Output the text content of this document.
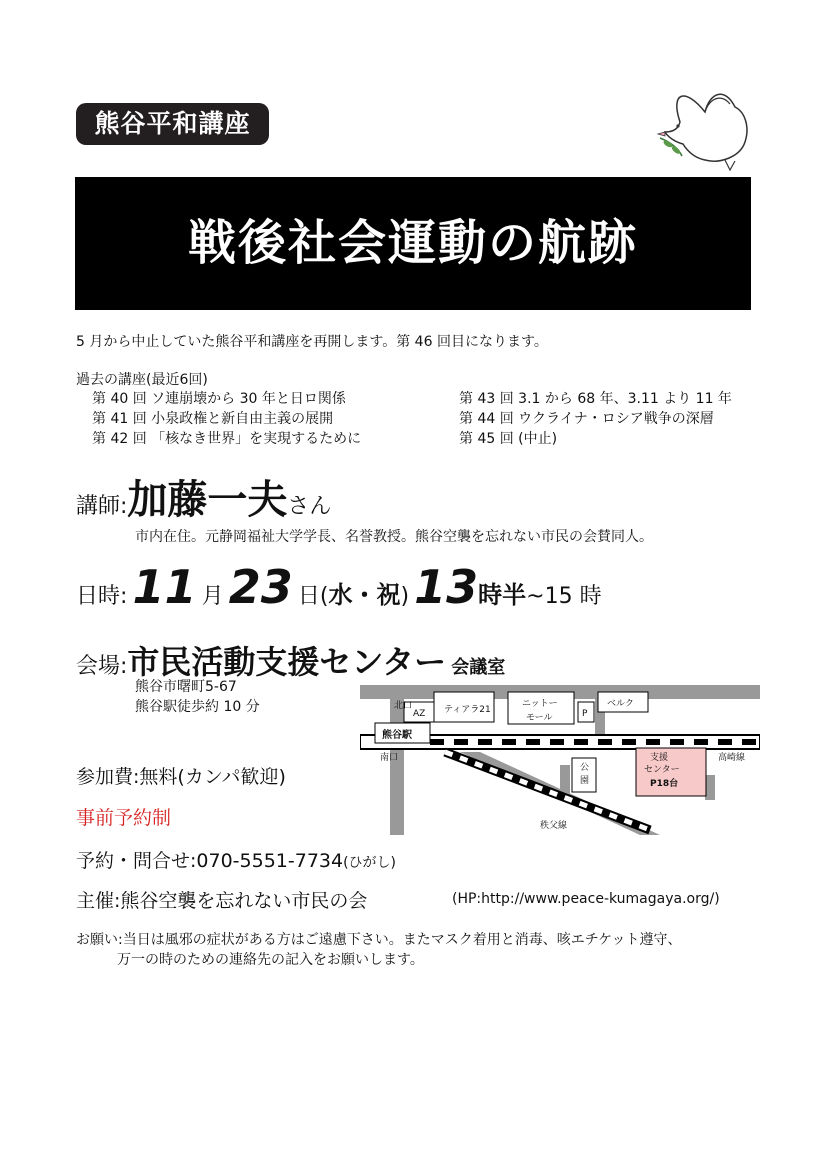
熊谷平和講座
戦後社会運動の航跡
5 月から中止していた熊谷平和講座を再開します。第 46 回目になります。
過去の講座(最近6回)
第 40 回 ソ連崩壊から 30 年と日ロ関係
第 41 回 小泉政権と新自由主義の展開
第 42 回 「核なき世界」を実現するために
第 43 回 3.1 から 68 年、3.11 より 11 年
第 44 回 ウクライナ・ロシア戦争の深層
第 45 回 (中止)
講師:加藤一夫さん
市内在住。元静岡福祉大学学長、名誉教授。熊谷空襲を忘れない市民の会賛同人。
日時: 11 月 23 日(水・祝) 13時半~15 時
会場:市民活動支援センター 会議室
熊谷市曙町5-67
熊谷駅徒歩約 10 分	北口
AZ ティアラ21
ニットー
モール	P
ベルク
熊谷駅
南口
公
園
支援
センター
P18台
高崎線
秩父線
参加費:無料(カンパ歓迎)
事前予約制
予約・問合せ:070-5551-7734(ひがし)
主催:熊谷空襲を忘れない市民の会	(HP:http://www.peace-kumagaya.org/)
お願い:当日は風邪の症状がある方はご遠慮下さい。またマスク着用と消毒、咳エチケット遵守、
万一の時のための連絡先の記入をお願いします。
